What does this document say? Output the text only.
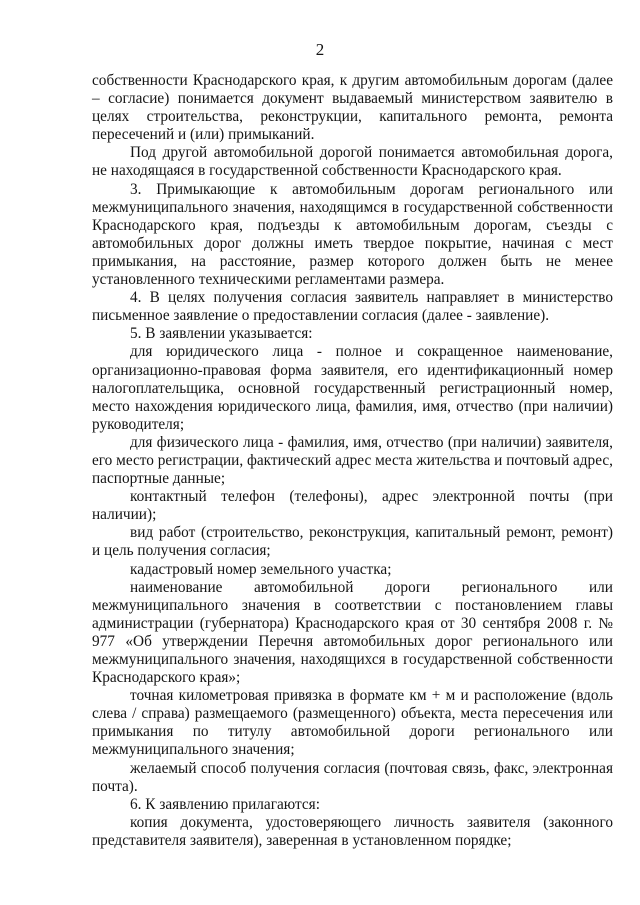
2

собственности Краснодарского края, к другим автомобильным дорогам (далее – согласие) понимается документ выдаваемый министерством заявителю в целях строительства, реконструкции, капитального ремонта, ремонта пересечений и (или) примыканий.

Под другой автомобильной дорогой понимается автомобильная дорога, не находящаяся в государственной собственности Краснодарского края.

3. Примыкающие к автомобильным дорогам регионального или межмуниципального значения, находящимся в государственной собственности Краснодарского края, подъезды к автомобильным дорогам, съезды с автомобильных дорог должны иметь твердое покрытие, начиная с мест примыкания, на расстояние, размер которого должен быть не менее установленного техническими регламентами размера.

4. В целях получения согласия заявитель направляет в министерство письменное заявление о предоставлении согласия (далее - заявление).

5. В заявлении указывается:

для юридического лица - полное и сокращенное наименование, организационно-правовая форма заявителя, его идентификационный номер налогоплательщика, основной государственный регистрационный номер, место нахождения юридического лица, фамилия, имя, отчество (при наличии) руководителя;

для физического лица - фамилия, имя, отчество (при наличии) заявителя, его место регистрации, фактический адрес места жительства и почтовый адрес, паспортные данные;

контактный телефон (телефоны), адрес электронной почты (при наличии);

вид работ (строительство, реконструкция, капитальный ремонт, ремонт) и цель получения согласия;

кадастровый номер земельного участка;

наименование автомобильной дороги регионального или межмуниципального значения в соответствии с постановлением главы администрации (губернатора) Краснодарского края от 30 сентября 2008 г. № 977 «Об утверждении Перечня автомобильных дорог регионального или межмуниципального значения, находящихся в государственной собственности Краснодарского края»;

точная километровая привязка в формате км + м и расположение (вдоль слева / справа) размещаемого (размещенного) объекта, места пересечения или примыкания по титулу автомобильной дороги регионального или межмуниципального значения;

желаемый способ получения согласия (почтовая связь, факс, электронная почта).

6. К заявлению прилагаются:

копия документа, удостоверяющего личность заявителя (законного представителя заявителя), заверенная в установленном порядке;
